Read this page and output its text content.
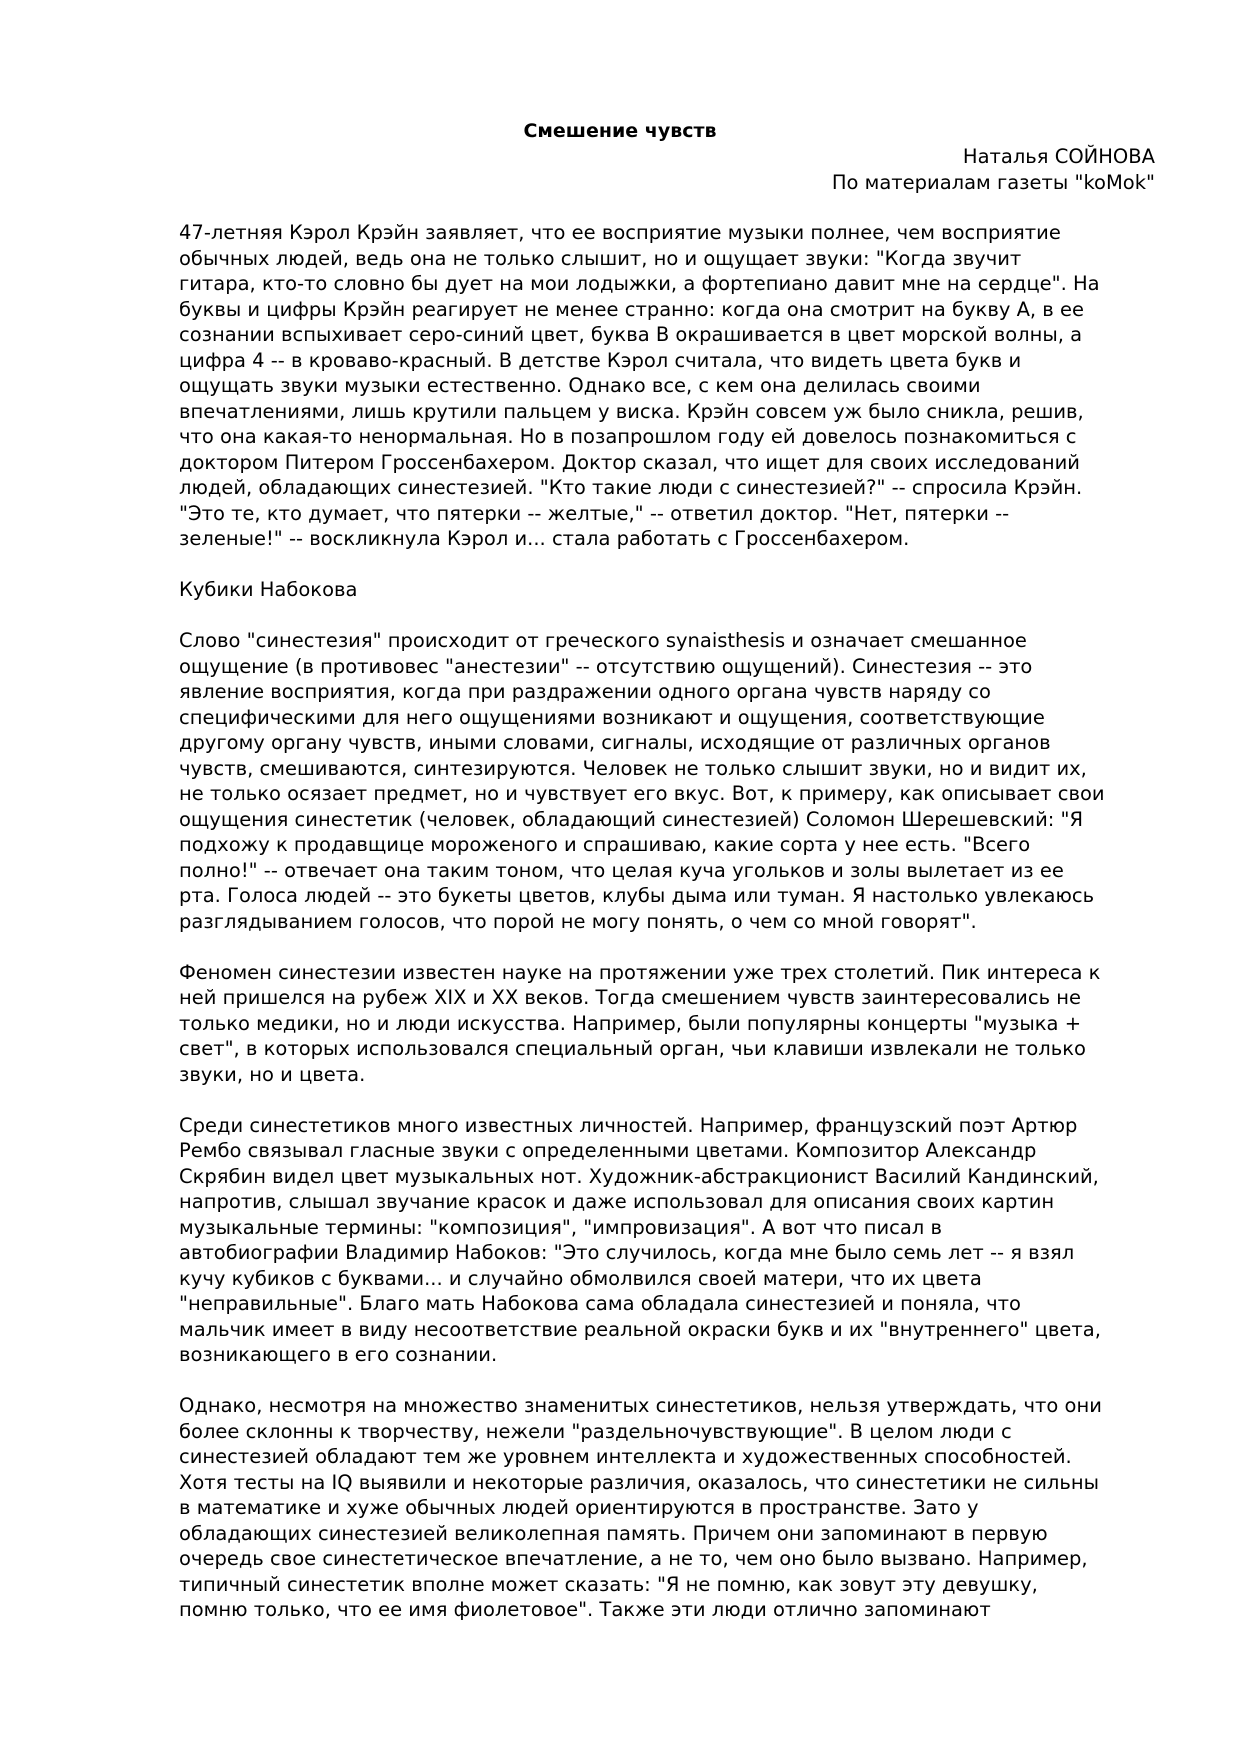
Смешение чувств
Наталья СОЙНОВА
По материалам газеты "koMok"

47-летняя Кэрол Крэйн заявляет, что ее восприятие музыки полнее, чем восприятие
обычных людей, ведь она не только слышит, но и ощущает звуки: "Когда звучит
гитара, кто-то словно бы дует на мои лодыжки, а фортепиано давит мне на сердце". На
буквы и цифры Крэйн реагирует не менее странно: когда она смотрит на букву А, в ее
сознании вспыхивает серо-синий цвет, буква В окрашивается в цвет морской волны, а
цифра 4 -- в кроваво-красный. В детстве Кэрол считала, что видеть цвета букв и
ощущать звуки музыки естественно. Однако все, с кем она делилась своими
впечатлениями, лишь крутили пальцем у виска. Крэйн совсем уж было сникла, решив,
что она какая-то ненормальная. Но в позапрошлом году ей довелось познакомиться с
доктором Питером Гроссенбахером. Доктор сказал, что ищет для своих исследований
людей, обладающих синестезией. "Кто такие люди с синестезией?" -- спросила Крэйн.
"Это те, кто думает, что пятерки -- желтые," -- ответил доктор. "Нет, пятерки --
зеленые!" -- воскликнула Кэрол и... стала работать с Гроссенбахером.

Кубики Набокова

Слово "синестезия" происходит от греческого synaisthesis и означает смешанное
ощущение (в противовес "анестезии" -- отсутствию ощущений). Синестезия -- это
явление восприятия, когда при раздражении одного органа чувств наряду со
специфическими для него ощущениями возникают и ощущения, соответствующие
другому органу чувств, иными словами, сигналы, исходящие от различных органов
чувств, смешиваются, синтезируются. Человек не только слышит звуки, но и видит их,
не только осязает предмет, но и чувствует его вкус. Вот, к примеру, как описывает свои
ощущения синестетик (человек, обладающий синестезией) Соломон Шерешевский: "Я
подхожу к продавщице мороженого и спрашиваю, какие сорта у нее есть. "Всего
полно!" -- отвечает она таким тоном, что целая куча угольков и золы вылетает из ее
рта. Голоса людей -- это букеты цветов, клубы дыма или туман. Я настолько увлекаюсь
разглядыванием голосов, что порой не могу понять, о чем со мной говорят".

Феномен синестезии известен науке на протяжении уже трех столетий. Пик интереса к
ней пришелся на рубеж XIX и XX веков. Тогда смешением чувств заинтересовались не
только медики, но и люди искусства. Например, были популярны концерты "музыка +
свет", в которых использовался специальный орган, чьи клавиши извлекали не только
звуки, но и цвета.

Среди синестетиков много известных личностей. Например, французский поэт Артюр
Рембо связывал гласные звуки с определенными цветами. Композитор Александр
Скрябин видел цвет музыкальных нот. Художник-абстракционист Василий Кандинский,
напротив, слышал звучание красок и даже использовал для описания своих картин
музыкальные термины: "композиция", "импровизация". А вот что писал в
автобиографии Владимир Набоков: "Это случилось, когда мне было семь лет -- я взял
кучу кубиков с буквами... и случайно обмолвился своей матери, что их цвета
"неправильные". Благо мать Набокова сама обладала синестезией и поняла, что
мальчик имеет в виду несоответствие реальной окраски букв и их "внутреннего" цвета,
возникающего в его сознании.

Однако, несмотря на множество знаменитых синестетиков, нельзя утверждать, что они
более склонны к творчеству, нежели "раздельночувствующие". В целом люди с
синестезией обладают тем же уровнем интеллекта и художественных способностей.
Хотя тесты на IQ выявили и некоторые различия, оказалось, что синестетики не сильны
в математике и хуже обычных людей ориентируются в пространстве. Зато у
обладающих синестезией великолепная память. Причем они запоминают в первую
очередь свое синестетическое впечатление, а не то, чем оно было вызвано. Например,
типичный синестетик вполне может сказать: "Я не помню, как зовут эту девушку,
помню только, что ее имя фиолетовое". Также эти люди отлично запоминают
